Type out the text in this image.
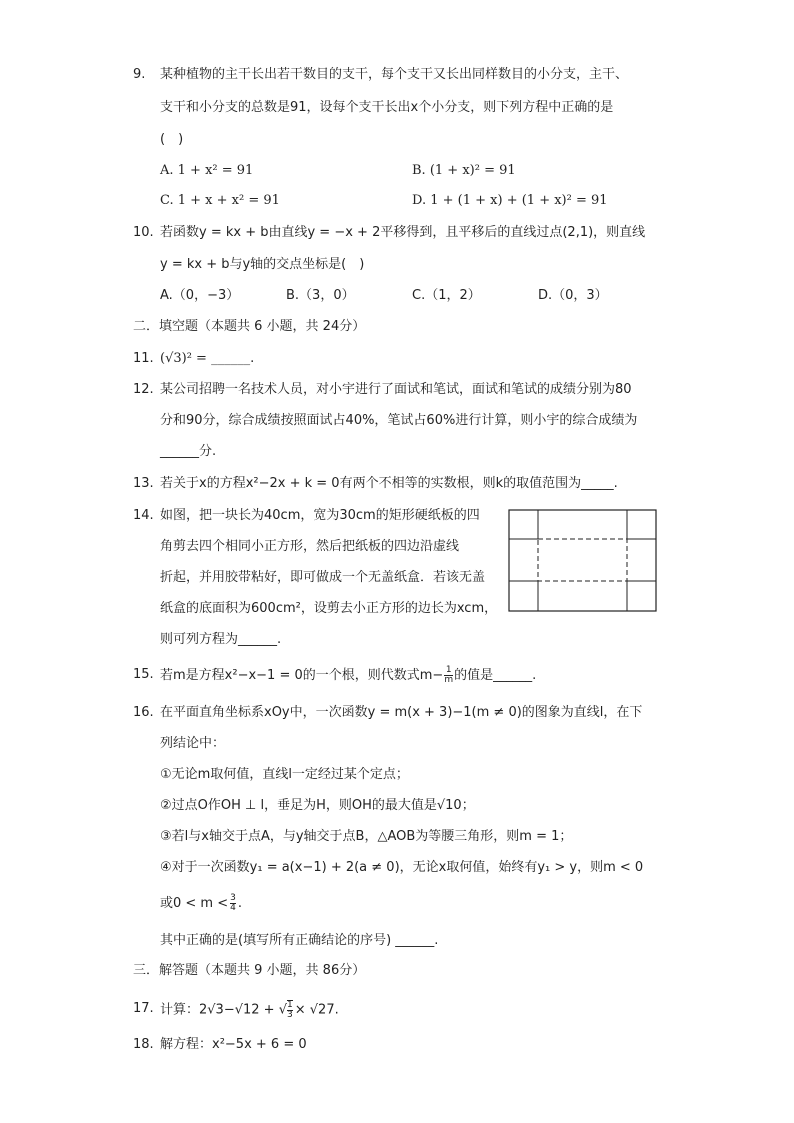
9. 某种植物的主干长出若干数目的支干，每个支干又长出同样数目的小分支，主干、
支干和小分支的总数是91，设每个支干长出x个小分支，则下列方程中正确的是
(　)
A. 1 + x² = 91	B. (1 + x)² = 91
C. 1 + x + x² = 91	D. 1 + (1 + x) + (1 + x)² = 91
10. 若函数y = kx + b由直线y = −x + 2平移得到，且平移后的直线过点(2,1)，则直线
y = kx + b与y轴的交点坐标是(　)
A.（0，−3）	B.（3，0）	C.（1，2）	D.（0，3）
二．填空题（本题共 6 小题，共 24分）
11. (√3)² = ______.
12. 某公司招聘一名技术人员，对小宇进行了面试和笔试，面试和笔试的成绩分别为80
分和90分，综合成绩按照面试占40%，笔试占60%进行计算，则小宇的综合成绩为
______分.
13. 若关于x的方程x²−2x + k = 0有两个不相等的实数根，则k的取值范围为_____.
14. 如图，把一块长为40cm，宽为30cm的矩形硬纸板的四
角剪去四个相同小正方形，然后把纸板的四边沿虚线
折起，并用胶带粘好，即可做成一个无盖纸盒．若该无盖
纸盒的底面积为600cm²，设剪去小正方形的边长为xcm，
则可列方程为______.
15. 若m是方程x²−x−1 = 0的一个根，则代数式$m- \frac{1}{m}$ 的值是______.
16. 在平面直角坐标系xOy中，一次函数y = m(x + 3)−1(m ≠ 0)的图象为直线l，在下
列结论中：
①无论m取何值，直线l一定经过某个定点；
②过点O作OH ⊥ l，垂足为H，则OH的最大值是√10；
③若l与x轴交于点A，与y轴交于点B，△AOB为等腰三角形，则m = 1；
④对于一次函数y₁ = a(x−1) + 2(a ≠ 0)，无论x取何值，始终有y₁ > y，则m < 0
或$0 < m < \frac{3}{4}$ .
其中正确的是(填写所有正确结论的序号) ______.
三．解答题（本题共 9 小题，共 86分）
17. 计算：2√3−√12 + √ $\frac{1}{3} \times √27$.
18. 解方程：x²−5x + 6 = 0
